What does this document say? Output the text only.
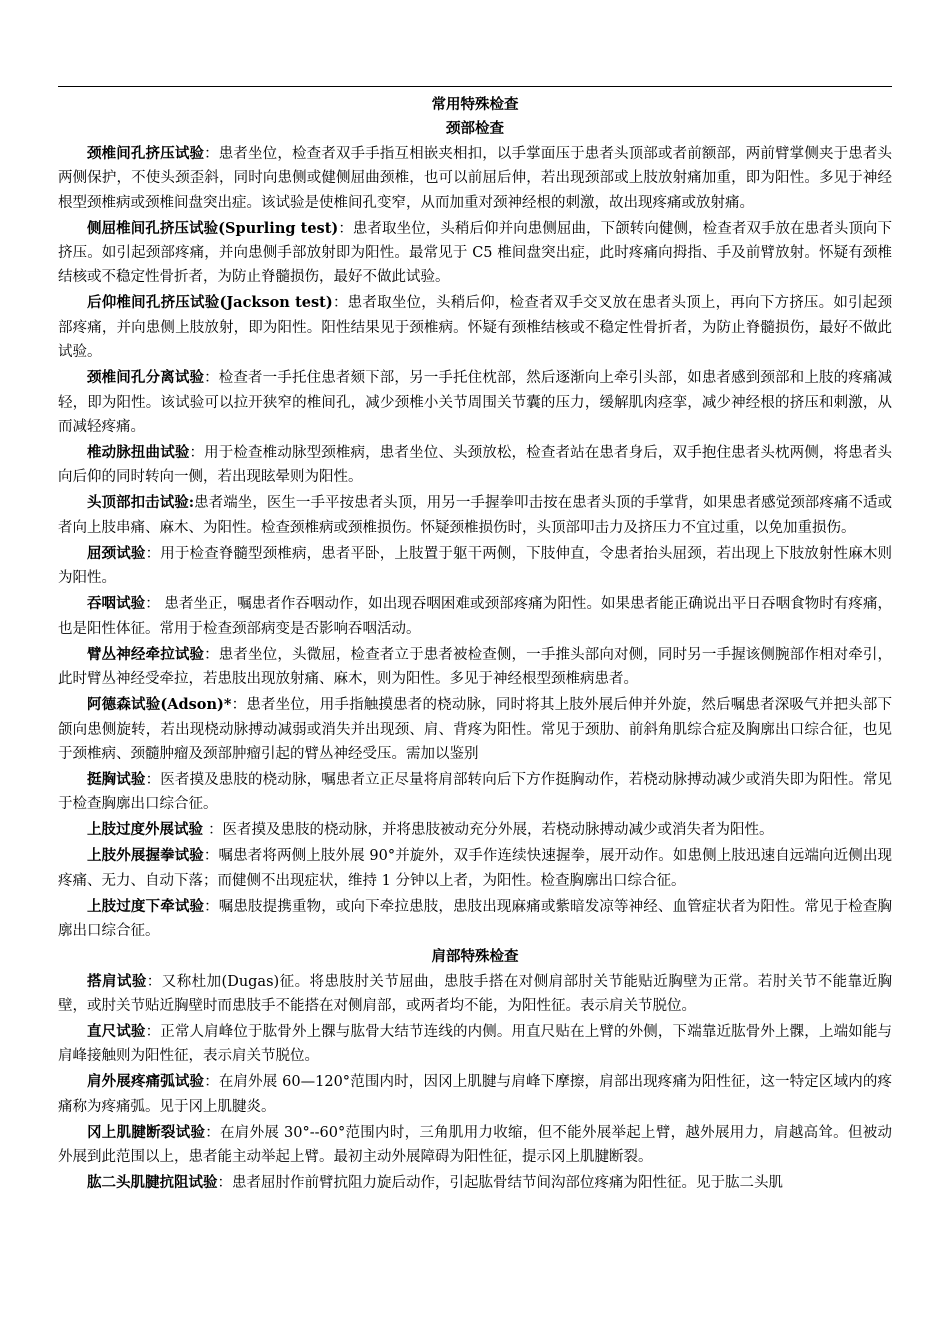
常用特殊检查
颈部检查

颈椎间孔挤压试验：患者坐位，检查者双手手指互相嵌夹相扣，以手掌面压于患者头顶部或者前额部，两前臂掌侧夹于患者头两侧保护，不使头颈歪斜，同时向患侧或健侧屈曲颈椎，也可以前屈后伸，若出现颈部或上肢放射痛加重，即为阳性。多见于神经根型颈椎病或颈椎间盘突出症。该试验是使椎间孔变窄，从而加重对颈神经根的刺激，故出现疼痛或放射痛。

侧屈椎间孔挤压试验(Spurling test)：患者取坐位，头稍后仰并向患侧屈曲，下颌转向健侧，检查者双手放在患者头顶向下挤压。如引起颈部疼痛，并向患侧手部放射即为阳性。最常见于 C5 椎间盘突出症，此时疼痛向拇指、手及前臂放射。怀疑有颈椎结核或不稳定性骨折者，为防止脊髓损伤，最好不做此试验。

后仰椎间孔挤压试验(Jackson test)：患者取坐位，头稍后仰，检查者双手交叉放在患者头顶上，再向下方挤压。如引起颈部疼痛，并向患侧上肢放射，即为阳性。阳性结果见于颈椎病。怀疑有颈椎结核或不稳定性骨折者，为防止脊髓损伤，最好不做此试验。

颈椎间孔分离试验：检查者一手托住患者颏下部，另一手托住枕部，然后逐渐向上牵引头部，如患者感到颈部和上肢的疼痛减轻，即为阳性。该试验可以拉开狭窄的椎间孔，减少颈椎小关节周围关节囊的压力，缓解肌肉痉挛，减少神经根的挤压和刺激，从而减轻疼痛。

椎动脉扭曲试验：用于检查椎动脉型颈椎病，患者坐位、头颈放松，检查者站在患者身后，双手抱住患者头枕两侧，将患者头向后仰的同时转向一侧，若出现眩晕则为阳性。

头顶部扣击试验:患者端坐，医生一手平按患者头顶，用另一手握拳叩击按在患者头顶的手掌背，如果患者感觉颈部疼痛不适或者向上肢串痛、麻木、为阳性。检查颈椎病或颈椎损伤。怀疑颈椎损伤时，头顶部叩击力及挤压力不宜过重，以免加重损伤。

屈颈试验：用于检查脊髓型颈椎病，患者平卧，上肢置于躯干两侧，下肢伸直，令患者抬头屈颈，若出现上下肢放射性麻木则为阳性。

吞咽试验： 患者坐正，嘱患者作吞咽动作，如出现吞咽困难或颈部疼痛为阳性。如果患者能正确说出平日吞咽食物时有疼痛，也是阳性体征。常用于检查颈部病变是否影响吞咽活动。

臂丛神经牵拉试验：患者坐位，头微屈，检查者立于患者被检查侧，一手推头部向对侧，同时另一手握该侧腕部作相对牵引，此时臂丛神经受牵拉，若患肢出现放射痛、麻木，则为阳性。多见于神经根型颈椎病患者。

阿德森试验(Adson)*：患者坐位，用手指触摸患者的桡动脉，同时将其上肢外展后伸并外旋，然后嘱患者深吸气并把头部下颌向患侧旋转，若出现桡动脉搏动减弱或消失并出现颈、肩、背疼为阳性。常见于颈肋、前斜角肌综合症及胸廓出口综合征，也见于颈椎病、颈髓肿瘤及颈部肿瘤引起的臂丛神经受压。需加以鉴别

挺胸试验：医者摸及患肢的桡动脉，嘱患者立正尽量将肩部转向后下方作挺胸动作，若桡动脉搏动减少或消失即为阳性。常见于检查胸廓出口综合征。

上肢过度外展试验 ：医者摸及患肢的桡动脉，并将患肢被动充分外展，若桡动脉搏动减少或消失者为阳性。

上肢外展握拳试验：嘱患者将两侧上肢外展 90°并旋外，双手作连续快速握拳，展开动作。如患侧上肢迅速自远端向近侧出现疼痛、无力、自动下落；而健侧不出现症状，维持 1 分钟以上者，为阳性。检查胸廓出口综合征。

上肢过度下牵试验：嘱患肢提携重物，或向下牵拉患肢，患肢出现麻痛或紫暗发凉等神经、血管症状者为阳性。常见于检查胸廓出口综合征。

肩部特殊检查

搭肩试验：又称杜加(Dugas)征。将患肢肘关节屈曲，患肢手搭在对侧肩部肘关节能贴近胸壁为正常。若肘关节不能靠近胸壁，或肘关节贴近胸壁时而患肢手不能搭在对侧肩部，或两者均不能，为阳性征。表示肩关节脱位。

直尺试验：正常人肩峰位于肱骨外上髁与肱骨大结节连线的内侧。用直尺贴在上臂的外侧，下端靠近肱骨外上髁，上端如能与肩峰接触则为阳性征，表示肩关节脱位。

肩外展疼痛弧试验：在肩外展 60—120°范围内时，因冈上肌腱与肩峰下摩擦，肩部出现疼痛为阳性征，这一特定区域内的疼痛称为疼痛弧。见于冈上肌腱炎。

冈上肌腱断裂试验：在肩外展 30°--60°范围内时，三角肌用力收缩，但不能外展举起上臂，越外展用力，肩越高耸。但被动外展到此范围以上，患者能主动举起上臂。最初主动外展障碍为阳性征，提示冈上肌腱断裂。

肱二头肌腱抗阻试验：患者屈肘作前臂抗阻力旋后动作，引起肱骨结节间沟部位疼痛为阳性征。见于肱二头肌
